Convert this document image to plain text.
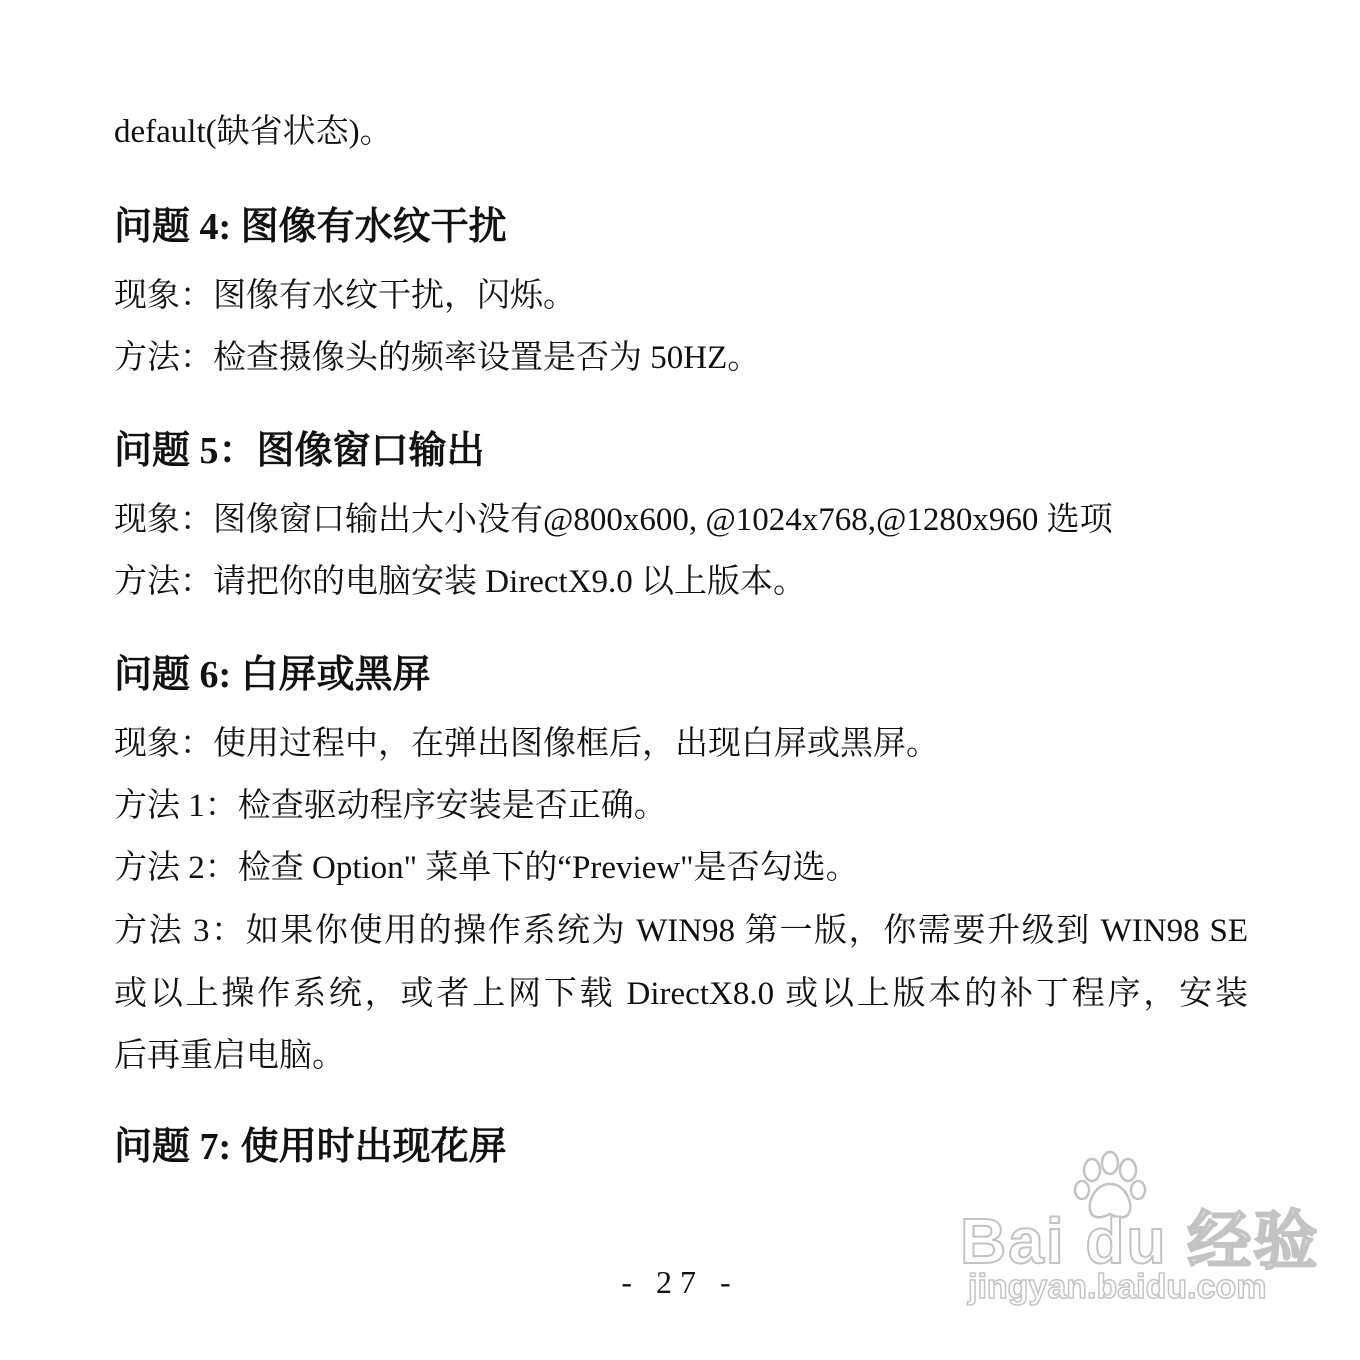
default(缺省状态)。
问题 4: 图像有水纹干扰
现象：图像有水纹干扰，闪烁。
方法：检查摄像头的频率设置是否为 50HZ。
问题 5：图像窗口输出
现象：图像窗口输出大小没有@800x600, @1024x768,@1280x960 选项
方法：请把你的电脑安装 DirectX9.0 以上版本。
问题 6: 白屏或黑屏
现象：使用过程中，在弹出图像框后，出现白屏或黑屏。
方法 1：检查驱动程序安装是否正确。
方法 2：检查 Option" 菜单下的“Preview"是否勾选。
方法 3：如果你使用的操作系统为 WIN98 第一版，你需要升级到 WIN98 SE
或以上操作系统，或者上网下载 DirectX8.0 或以上版本的补丁程序，安装
后再重启电脑。
问题 7: 使用时出现花屏
- 27 -
Bai du 经验
jingyan.baidu.com
